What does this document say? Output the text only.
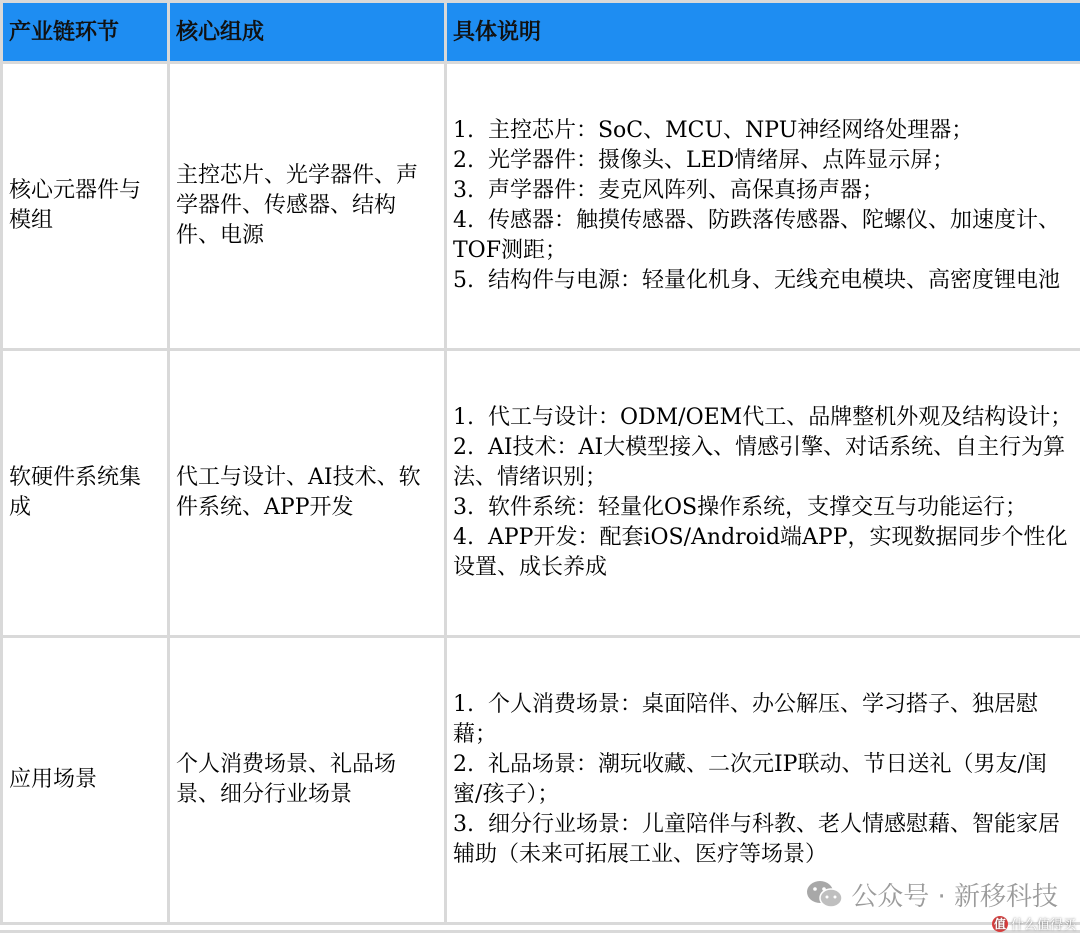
产业链环节	核心组成	具体说明
核心元器件与模组	主控芯片、光学器件、声学器件、传感器、结构件、电源	1.  主控芯片：SoC、MCU、NPU神经网络处理器；
2.  光学器件：摄像头、LED情绪屏、点阵显示屏；
3.  声学器件：麦克风阵列、高保真扬声器；
4.  传感器：触摸传感器、防跌落传感器、陀螺仪、加速度计、TOF测距；
5.  结构件与电源：轻量化机身、无线充电模块、高密度锂电池

软硬件系统集成	代工与设计、AI技术、软件系统、APP开发	1.  代工与设计：ODM/OEM代工、品牌整机外观及结构设计；
2.  AI技术：AI大模型接入、情感引擎、对话系统、自主行为算法、情绪识别；
3.  软件系统：轻量化OS操作系统，支撑交互与功能运行；
4.  APP开发：配套iOS/Android端APP，实现数据同步个性化设置、成长养成

应用场景	个人消费场景、礼品场景、细分行业场景	1.  个人消费场景：桌面陪伴、办公解压、学习搭子、独居慰藉；
2.  礼品场景：潮玩收藏、二次元IP联动、节日送礼（男友/闺蜜/孩子）；
3.  细分行业场景：儿童陪伴与科教、老人情感慰藉、智能家居辅助（未来可拓展工业、医疗等场景）
公众号 · 新移科技
值 什么值得买
